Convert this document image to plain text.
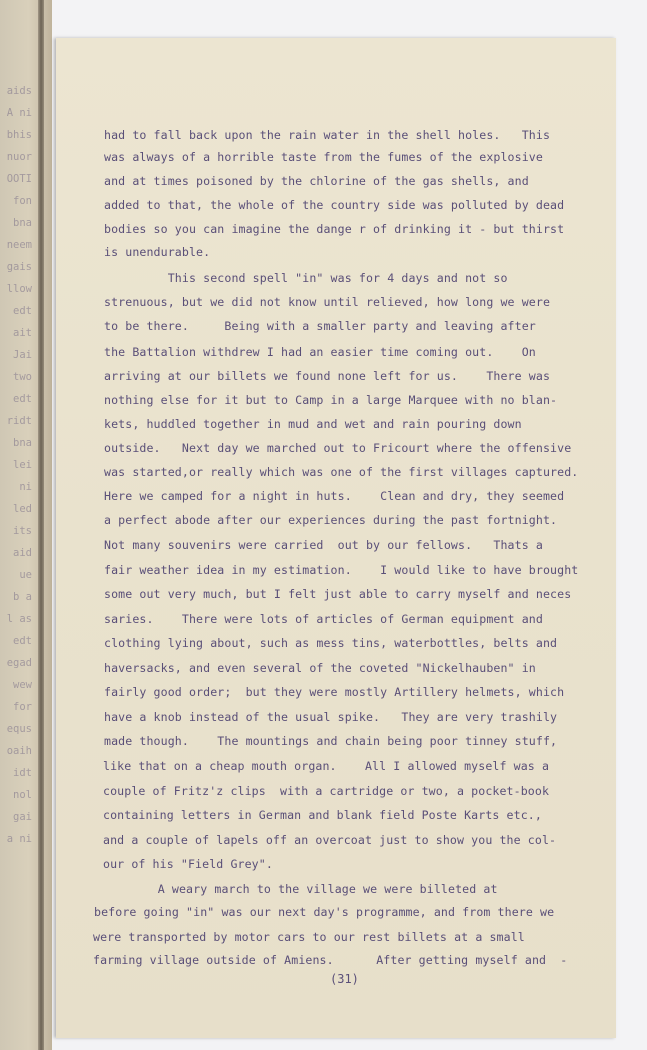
aids
A ni
bhis
nuor
OOTI
fon
bna
neem
gais
llow
edt
ait
Jai
two
edt
ridt
bna
lei
ni
led
its
aid
ue
b a
l as
edt
egad
wew
for
equs
oaih
idt
nol
gai
a ni
had to fall back upon the rain water in the shell holes.   This
was always of a horrible taste from the fumes of the explosive
and at times poisoned by the chlorine of the gas shells, and
added to that, the whole of the country side was polluted by dead
bodies so you can imagine the dange r of drinking it - but thirst
is unendurable.
This second spell "in" was for 4 days and not so
strenuous, but we did not know until relieved, how long we were
to be there.     Being with a smaller party and leaving after
the Battalion withdrew I had an easier time coming out.    On
arriving at our billets we found none left for us.    There was
nothing else for it but to Camp in a large Marquee with no blan-
kets, huddled together in mud and wet and rain pouring down
outside.   Next day we marched out to Fricourt where the offensive
was started,or really which was one of the first villages captured.
Here we camped for a night in huts.    Clean and dry, they seemed
a perfect abode after our experiences during the past fortnight.
Not many souvenirs were carried  out by our fellows.   Thats a
fair weather idea in my estimation.    I would like to have brought
some out very much, but I felt just able to carry myself and neces
saries.    There were lots of articles of German equipment and
clothing lying about, such as mess tins, waterbottles, belts and
haversacks, and even several of the coveted "Nickelhauben" in
fairly good order;  but they were mostly Artillery helmets, which
have a knob instead of the usual spike.   They are very trashily
made though.    The mountings and chain being poor tinney stuff,
like that on a cheap mouth organ.    All I allowed myself was a
couple of Fritz'z clips  with a cartridge or two, a pocket-book
containing letters in German and blank field Poste Karts etc.,
and a couple of lapels off an overcoat just to show you the col-
our of his "Field Grey".
A weary march to the village we were billeted at
before going "in" was our next day's programme, and from there we
were transported by motor cars to our rest billets at a small
farming village outside of Amiens.      After getting myself and  -
(31)
